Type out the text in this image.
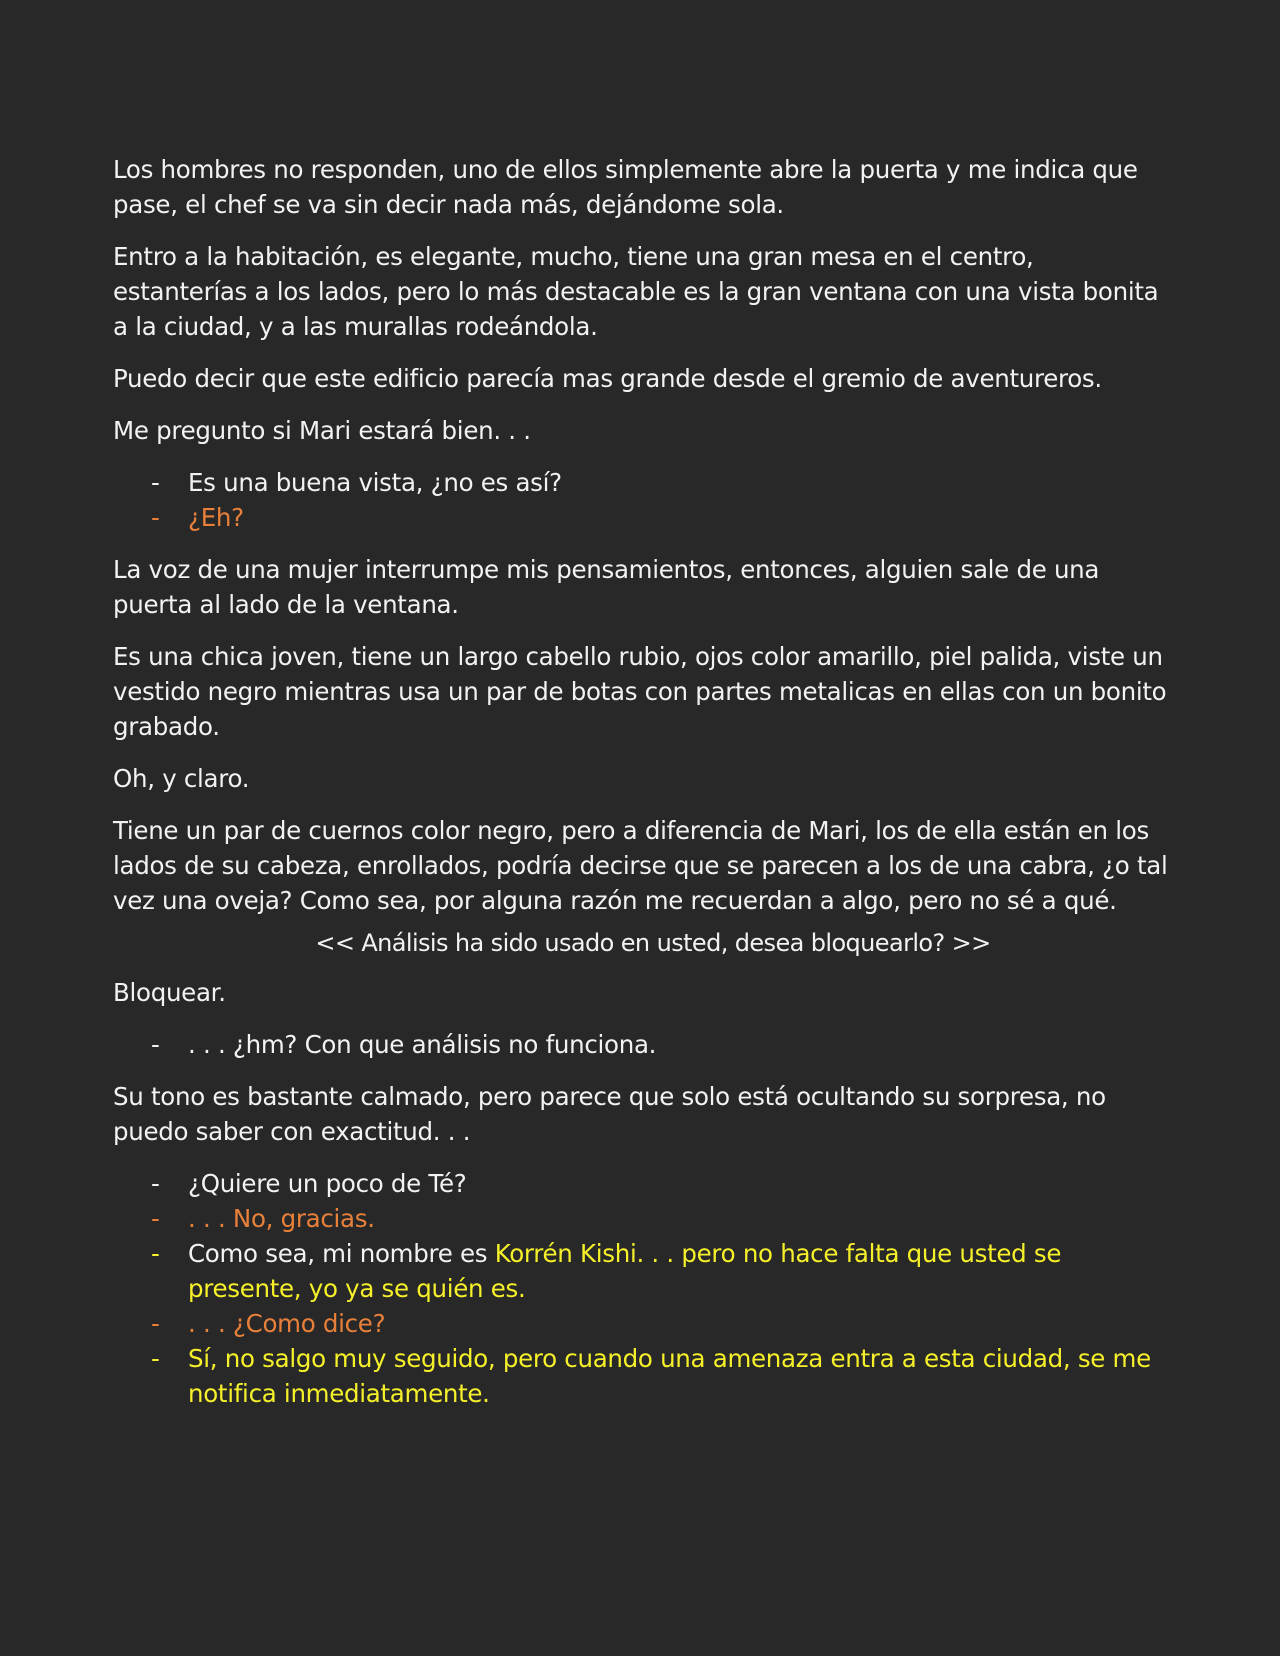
Los hombres no responden, uno de ellos simplemente abre la puerta y me indica que pase, el chef se va sin decir nada más, dejándome sola.

Entro a la habitación, es elegante, mucho, tiene una gran mesa en el centro, estanterías a los lados, pero lo más destacable es la gran ventana con una vista bonita a la ciudad, y a las murallas rodeándola.

Puedo decir que este edificio parecía mas grande desde el gremio de aventureros.

Me pregunto si Mari estará bien. . .

- Es una buena vista, ¿no es así?
- ¿Eh?

La voz de una mujer interrumpe mis pensamientos, entonces, alguien sale de una puerta al lado de la ventana.

Es una chica joven, tiene un largo cabello rubio, ojos color amarillo, piel palida, viste un vestido negro mientras usa un par de botas con partes metalicas en ellas con un bonito grabado.

Oh, y claro.

Tiene un par de cuernos color negro, pero a diferencia de Mari, los de ella están en los lados de su cabeza, enrollados, podría decirse que se parecen a los de una cabra, ¿o tal vez una oveja? Como sea, por alguna razón me recuerdan a algo, pero no sé a qué.

<< Análisis ha sido usado en usted, desea bloquearlo? >>

Bloquear.

- . . . ¿hm? Con que análisis no funciona.

Su tono es bastante calmado, pero parece que solo está ocultando su sorpresa, no puedo saber con exactitud. . .

- ¿Quiere un poco de Té?
- . . . No, gracias.
- Como sea, mi nombre es Korrén Kishi. . . pero no hace falta que usted se presente, yo ya se quién es.
- . . . ¿Como dice?
- Sí, no salgo muy seguido, pero cuando una amenaza entra a esta ciudad, se me notifica inmediatamente.
